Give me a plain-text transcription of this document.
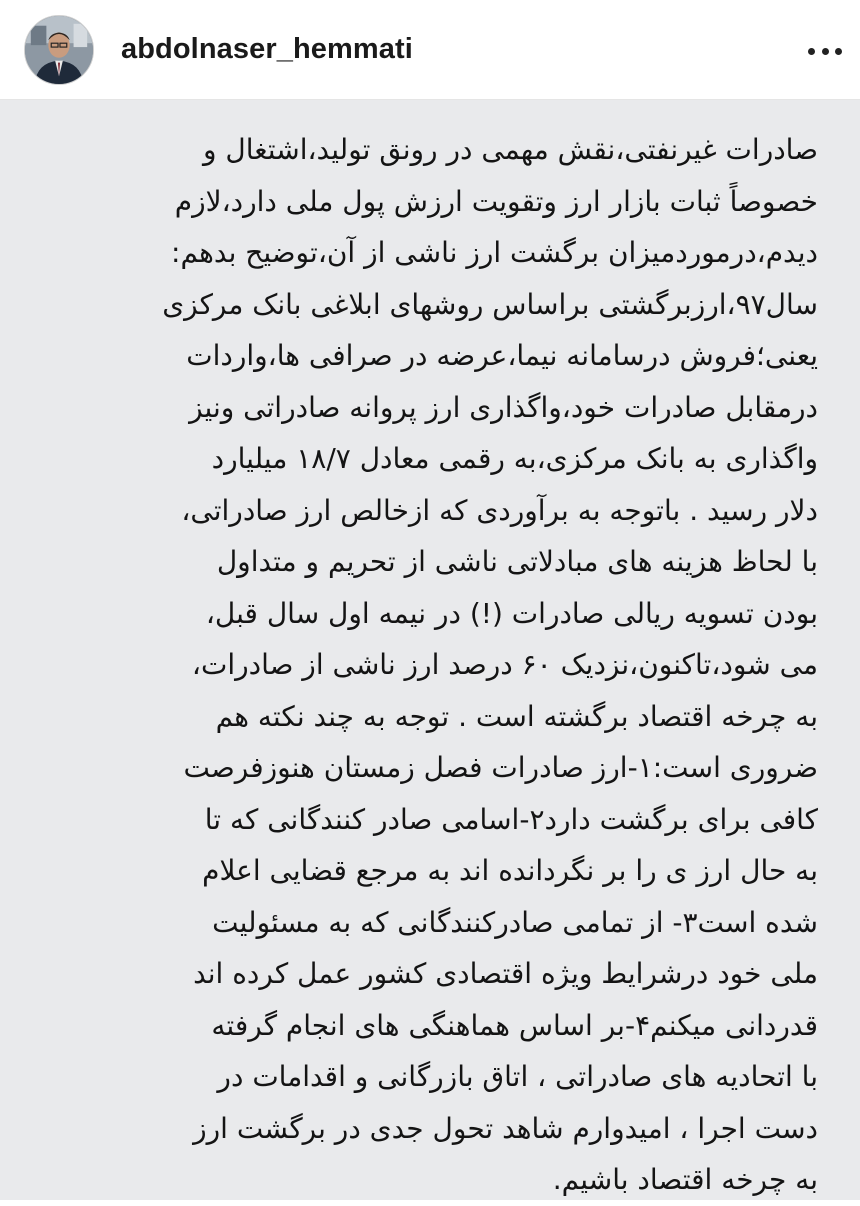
abdolnaser_hemmati

صادرات غیرنفتی،نقش مهمی در رونق تولید،اشتغال و
خصوصاً ثبات بازار ارز وتقویت ارزش پول ملی دارد،لازم
دیدم،درموردمیزان برگشت ارز ناشی از آن،توضیح بدهم:
سال۹۷،ارزبرگشتی براساس روشهای ابلاغی بانک مرکزی
یعنی؛فروش درسامانه نیما،عرضه در صرافی ها،واردات
درمقابل صادرات خود،واگذاری ارز پروانه صادراتی ونیز
واگذاری به بانک مرکزی،به رقمی معادل ۱۸/۷ میلیارد
دلار رسید . باتوجه به برآوردی که ازخالص ارز صادراتی،
با لحاظ هزینه های مبادلاتی ناشی از تحریم و متداول
بودن تسویه ریالی صادرات (!) در نیمه اول سال قبل،
می شود،تاکنون،نزدیک ۶۰ درصد ارز ناشی از صادرات،
به چرخه اقتصاد برگشته است . توجه به چند نکته هم
ضروری است:۱-ارز صادرات فصل زمستان هنوزفرصت
کافی برای برگشت دارد۲-اسامی صادر کنندگانی که تا
به حال ارز ی را بر نگردانده اند به مرجع قضایی اعلام
شده است۳- از تمامی صادرکنندگانی که به مسئولیت
ملی خود درشرایط ویژه اقتصادی کشور عمل کرده اند
قدردانی میکنم۴-بر اساس هماهنگی های انجام گرفته
با اتحادیه های صادراتی ، اتاق بازرگانی و اقدامات در
دست اجرا ، امیدوارم شاهد تحول جدی در برگشت ارز
به چرخه اقتصاد باشیم.
